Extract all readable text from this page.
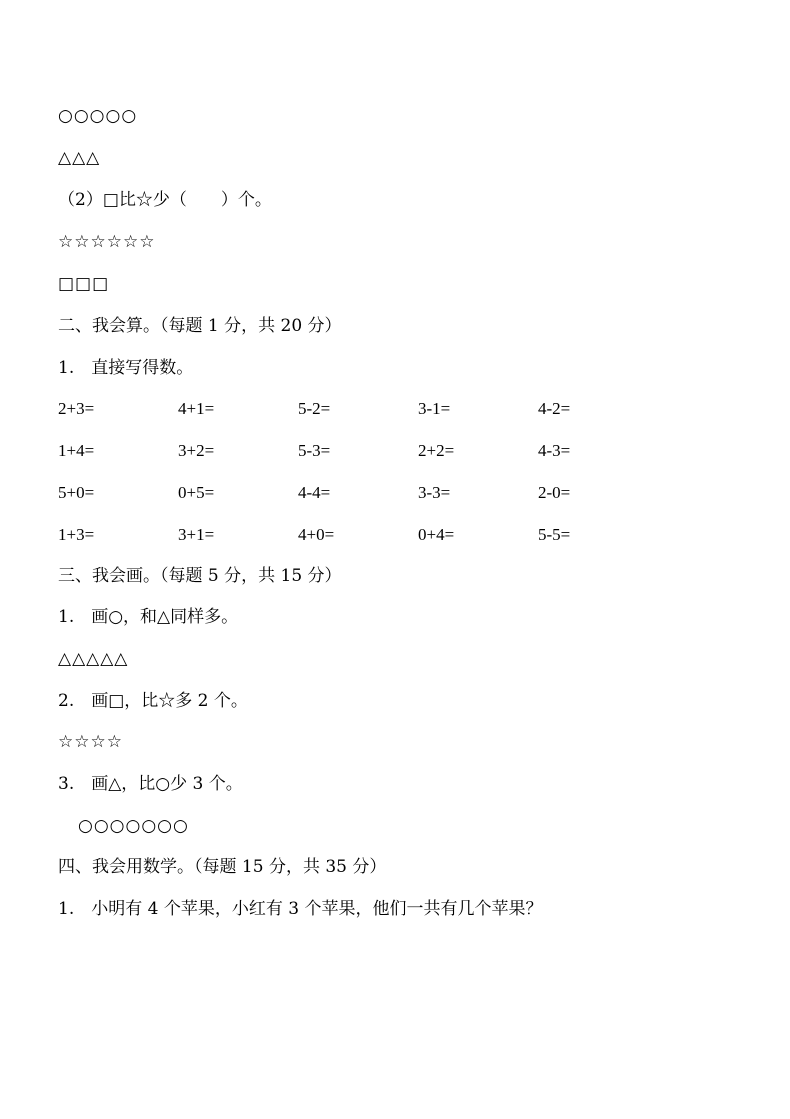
○○○○○
△△△
（2）□比☆少（　　）个。
☆☆☆☆☆☆
□□□
二、我会算。（每题 1 分，共 20 分）
1.　直接写得数。
2+3=	4+1=	5-2=	3-1=	4-2=
1+4=	3+2=	5-3=	2+2=	4-3=
5+0=	0+5=	4-4=	3-3=	2-0=
1+3=	3+1=	4+0=	0+4=	5-5=
三、我会画。（每题 5 分，共 15 分）
1.　画○，和△同样多。
△△△△△
2.　画□，比☆多 2 个。
☆☆☆☆
3.　画△，比○少 3 个。
○○○○○○○
四、我会用数学。（每题 15 分，共 35 分）
1.　小明有 4 个苹果，小红有 3 个苹果，他们一共有几个苹果？
